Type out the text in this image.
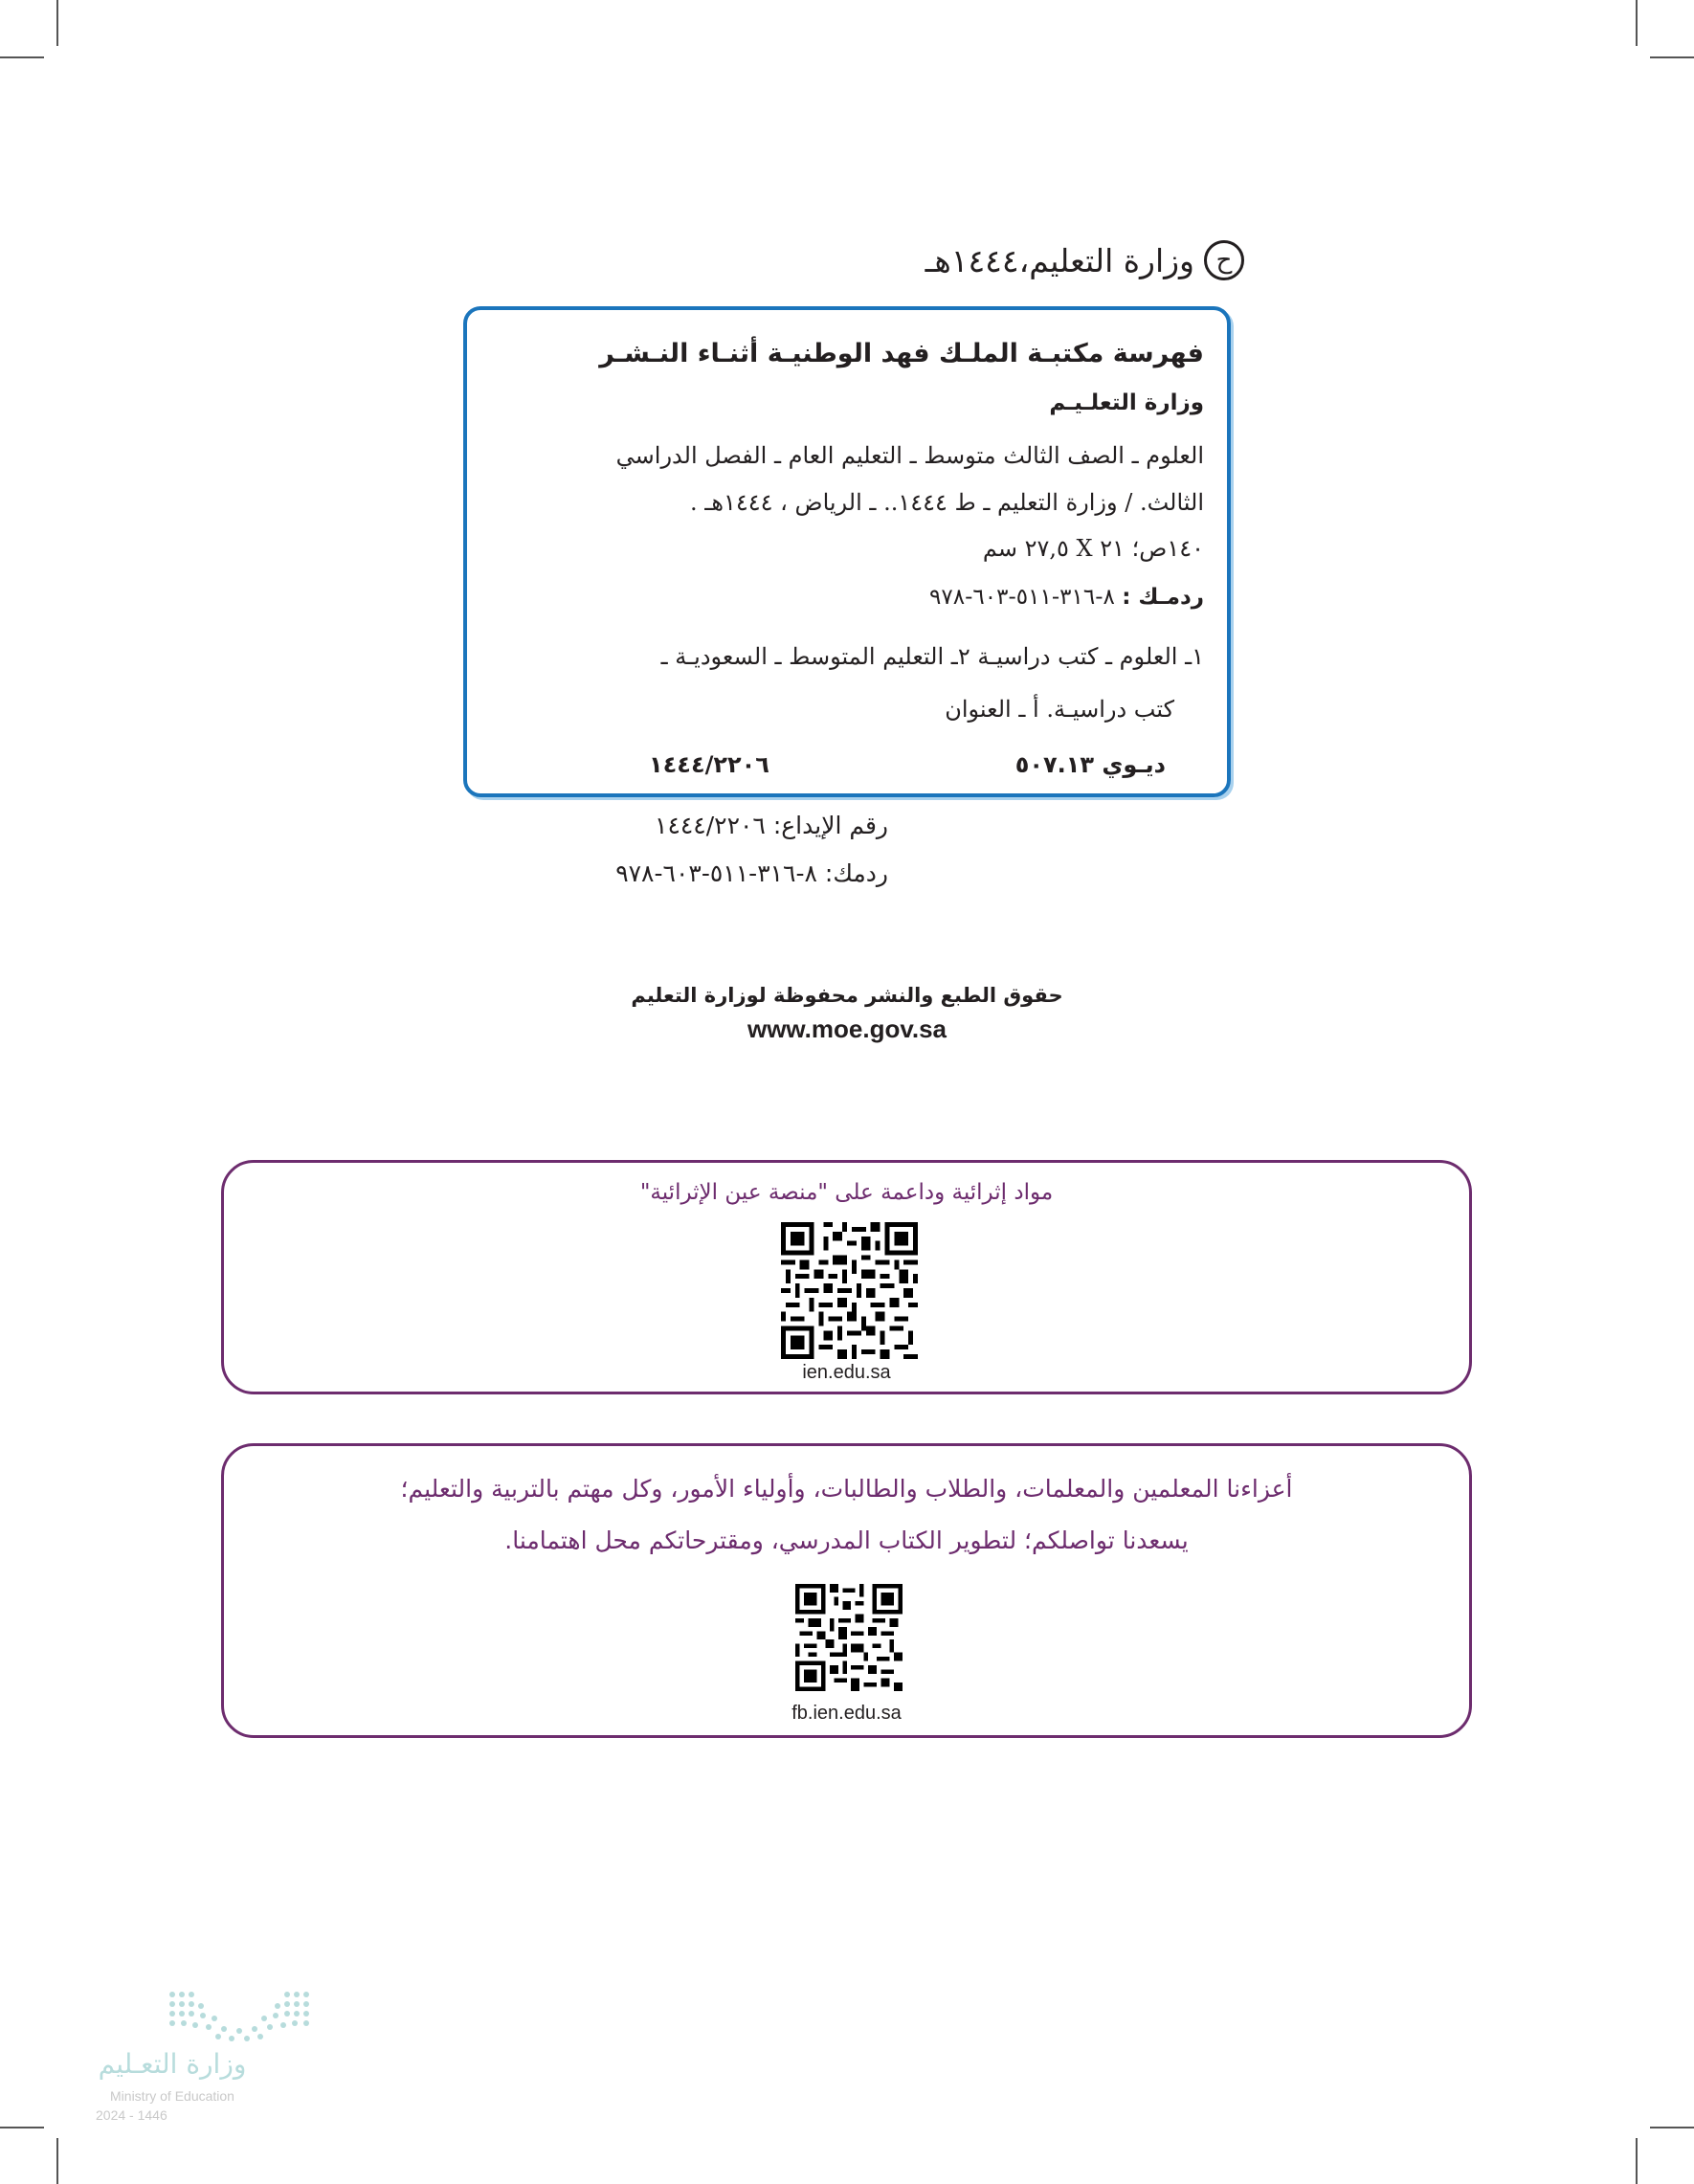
ح
وزارة التعليم،١٤٤٤هـ
فهرسة مكتبـة الملـك فهد الوطنيـة أثنـاء النـشـر
وزارة التعلـيـم
العلوم ـ الصف الثالث متوسط ـ التعليم العام ـ الفصل الدراسي
الثالث. / وزارة التعليم ـ ط ١٤٤٤.. ـ الرياض ، ١٤٤٤هـ .
١٤٠ص؛ ٢١ X ٢٧,٥ سم
ردمـك : ٨-٣١٦-٥١١-٦٠٣-٩٧٨
١ـ العلوم ـ كتب دراسيـة ٢ـ التعليم المتوسط ـ السعوديـة ـ
كتب دراسيـة. أ ـ العنوان
ديـوي ٥٠٧.١٣
١٤٤٤/٢٢٠٦
رقم الإيداع: ١٤٤٤/٢٢٠٦
ردمك: ٨-٣١٦-٥١١-٦٠٣-٩٧٨
حقوق الطبع والنشر محفوظة لوزارة التعليم
www.moe.gov.sa
مواد إثرائية وداعمة على "منصة عين الإثرائية"
ien.edu.sa
أعزاءنا المعلمين والمعلمات، والطلاب والطالبات، وأولياء الأمور، وكل مهتم بالتربية والتعليم؛
يسعدنا تواصلكم؛ لتطوير الكتاب المدرسي، ومقترحاتكم محل اهتمامنا.
fb.ien.edu.sa
وزارة التعـليم
Ministry of Education
2024 - 1446
